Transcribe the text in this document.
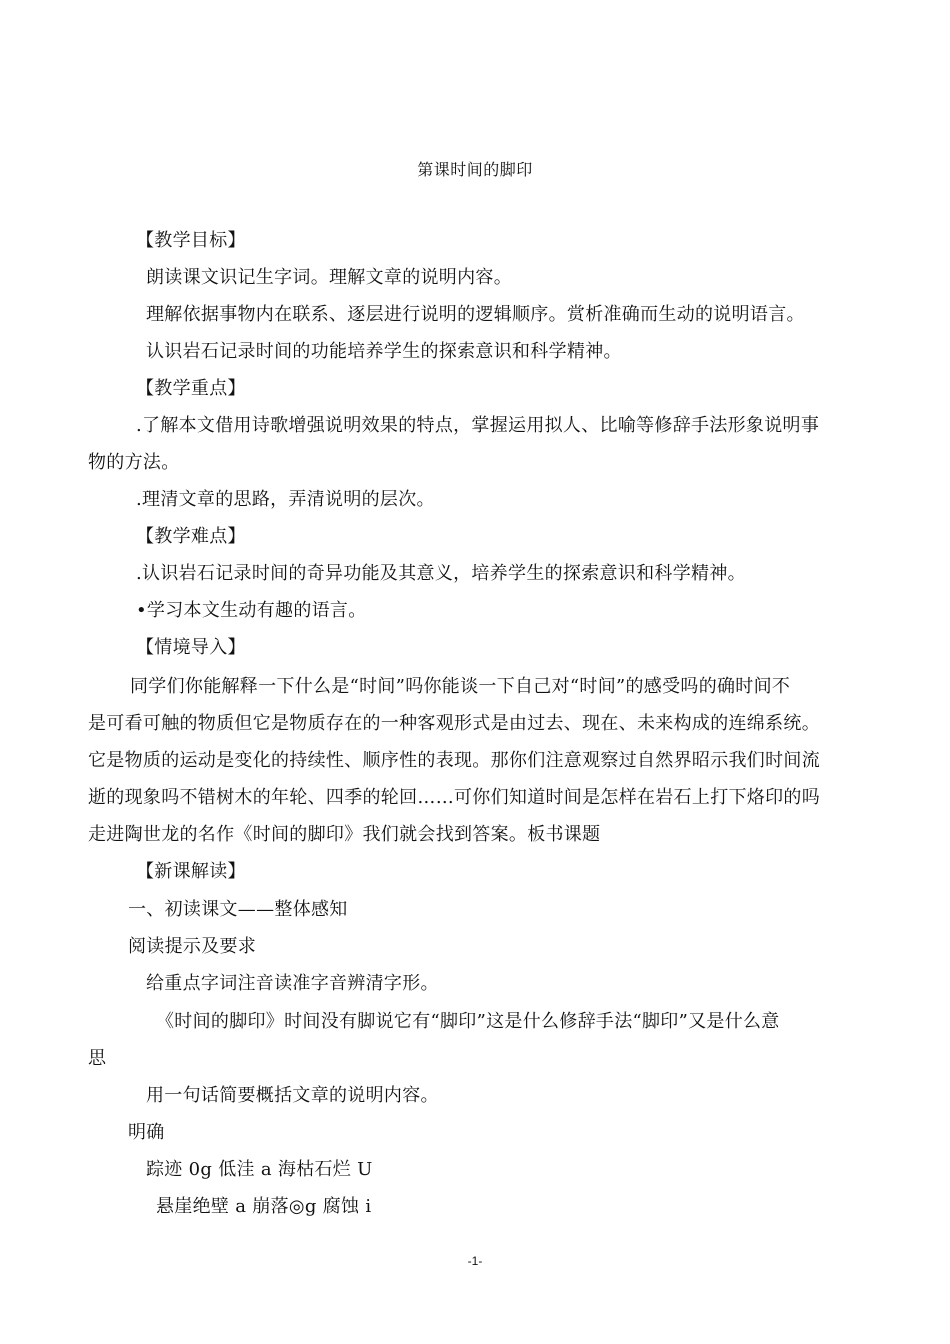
第课时间的脚印
【教学目标】
朗读课文识记生字词。理解文章的说明内容。
理解依据事物内在联系、逐层进行说明的逻辑顺序。赏析准确而生动的说明语言。
认识岩石记录时间的功能培养学生的探索意识和科学精神。
【教学重点】
.了解本文借用诗歌增强说明效果的特点，掌握运用拟人、比喻等修辞手法形象说明事
物的方法。
.理清文章的思路，弄清说明的层次。
【教学难点】
.认识岩石记录时间的奇异功能及其意义，培养学生的探索意识和科学精神。
•学习本文生动有趣的语言。
【情境导入】
同学们你能解释一下什么是“时间”吗你能谈一下自己对“时间”的感受吗的确时间不
是可看可触的物质但它是物质存在的一种客观形式是由过去、现在、未来构成的连绵系统。
它是物质的运动是变化的持续性、顺序性的表现。那你们注意观察过自然界昭示我们时间流
逝的现象吗不错树木的年轮、四季的轮回……可你们知道时间是怎样在岩石上打下烙印的吗
走进陶世龙的名作《时间的脚印》我们就会找到答案。板书课题
【新课解读】
一、初读课文——整体感知
阅读提示及要求
给重点字词注音读准字音辨清字形。
《时间的脚印》时间没有脚说它有“脚印”这是什么修辞手法“脚印”又是什么意
思
用一句话简要概括文章的说明内容。
明确
踪迹 0g 低洼 a 海枯石烂 U
悬崖绝壁 a 崩落◎g 腐蚀 i
-1-
